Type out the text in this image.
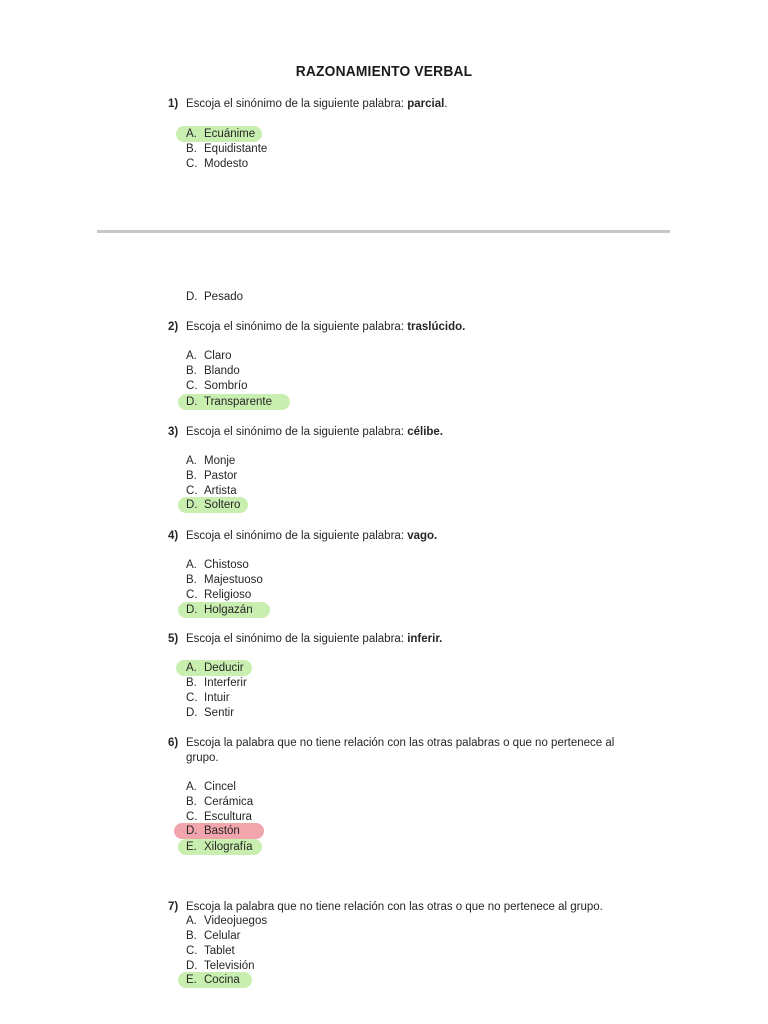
RAZONAMIENTO VERBAL
1) Escoja el sinónimo de la siguiente palabra: parcial.
A. Ecuánime
B. Equidistante
C. Modesto
D. Pesado
2) Escoja el sinónimo de la siguiente palabra: traslúcido.
A. Claro
B. Blando
C. Sombrío
D. Transparente
3) Escoja el sinónimo de la siguiente palabra: célibe.
A. Monje
B. Pastor
C. Artista
D. Soltero
4) Escoja el sinónimo de la siguiente palabra: vago.
A. Chistoso
B. Majestuoso
C. Religioso
D. Holgazán
5) Escoja el sinónimo de la siguiente palabra: inferir.
A. Deducir
B. Interferir
C. Intuir
D. Sentir
6) Escoja la palabra que no tiene relación con las otras palabras o que no pertenece al
grupo.
A. Cincel
B. Cerámica
C. Escultura
D. Bastón
E. Xilografía
7) Escoja la palabra que no tiene relación con las otras o que no pertenece al grupo.
A. Videojuegos
B. Celular
C. Tablet
D. Televisión
E. Cocina
